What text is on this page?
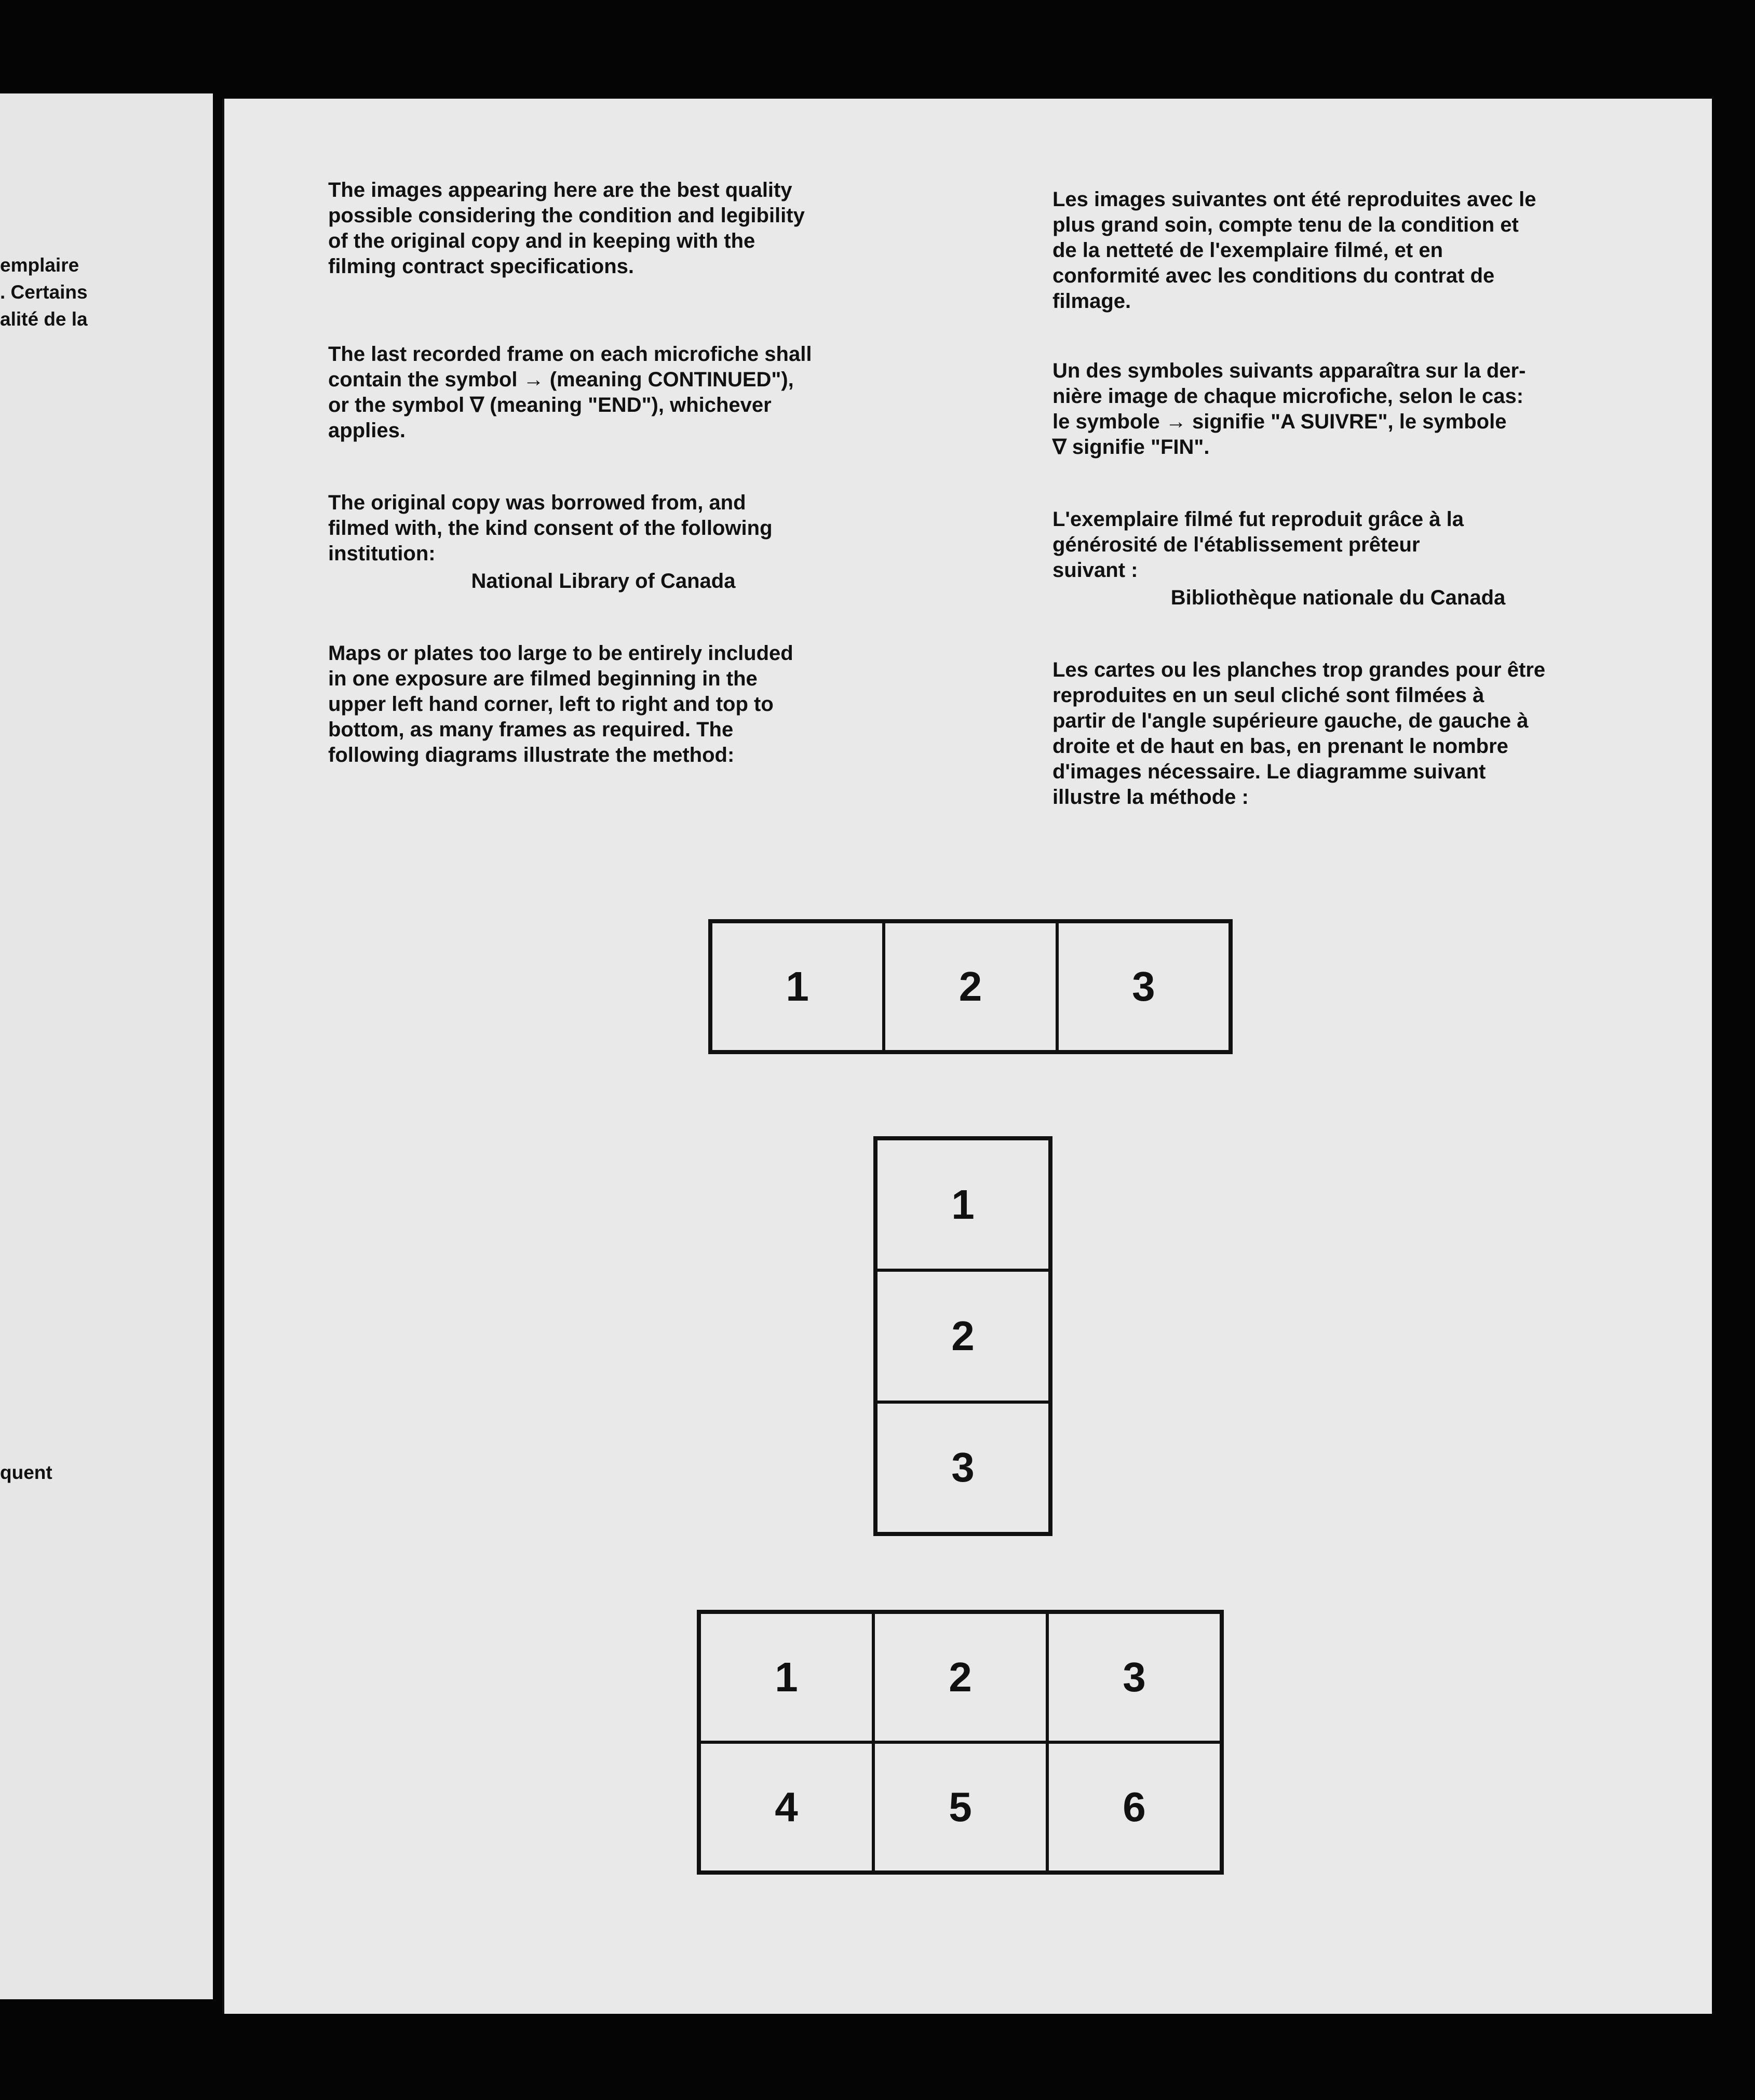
emplaire
. Certains
alité de la
quent

The images appearing here are the best quality
possible considering the condition and legibility
of the original copy and in keeping with the
filming contract specifications.

The last recorded frame on each microfiche shall
contain the symbol → (meaning CONTINUED"),
or the symbol ∇ (meaning "END"), whichever
applies.

The original copy was borrowed from, and
filmed with, the kind consent of the following
institution:

National Library of Canada

Maps or plates too large to be entirely included
in one exposure are filmed beginning in the
upper left hand corner, left to right and top to
bottom, as many frames as required. The
following diagrams illustrate the method:

Les images suivantes ont été reproduites avec le
plus grand soin, compte tenu de la condition et
de la netteté de l'exemplaire filmé, et en
conformité avec les conditions du contrat de
filmage.

Un des symboles suivants apparaîtra sur la der-
nière image de chaque microfiche, selon le cas:
le symbole → signifie "A SUIVRE", le symbole
∇ signifie "FIN".

L'exemplaire filmé fut reproduit grâce à la
générosité de l'établissement prêteur
suivant :

Bibliothèque nationale du Canada

Les cartes ou les planches trop grandes pour être
reproduites en un seul cliché sont filmées à
partir de l'angle supérieure gauche, de gauche à
droite et de haut en bas, en prenant le nombre
d'images nécessaire. Le diagramme suivant
illustre la méthode :

1	2	3
1
2
3
1	2	3
4	5	6
